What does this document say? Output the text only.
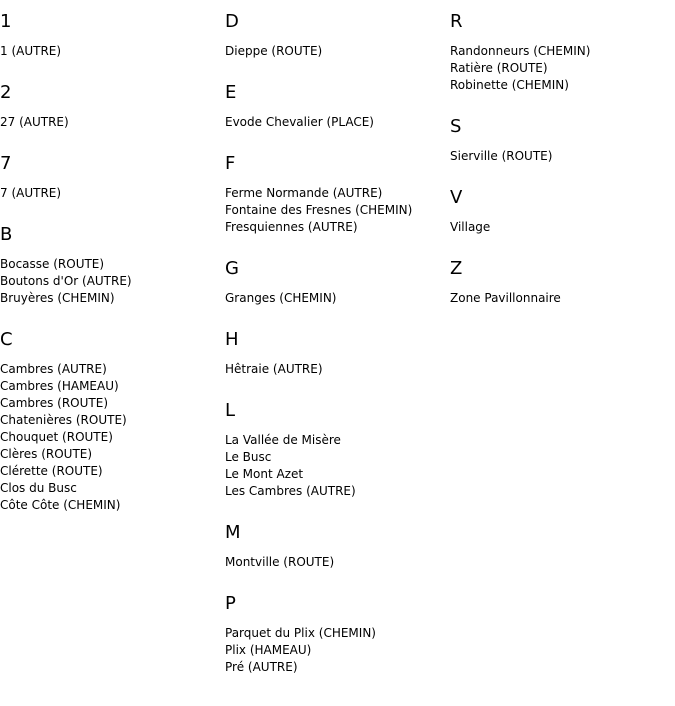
1
1 (AUTRE)
2
27 (AUTRE)
7
7 (AUTRE)
B
Bocasse (ROUTE)
Boutons d'Or (AUTRE)
Bruyères (CHEMIN)
C
Cambres (AUTRE)
Cambres (HAMEAU)
Cambres (ROUTE)
Chatenières (ROUTE)
Chouquet (ROUTE)
Clères (ROUTE)
Clérette (ROUTE)
Clos du Busc
Côte Côte (CHEMIN)
D
Dieppe (ROUTE)
E
Evode Chevalier (PLACE)
F
Ferme Normande (AUTRE)
Fontaine des Fresnes (CHEMIN)
Fresquiennes (AUTRE)
G
Granges (CHEMIN)
H
Hêtraie (AUTRE)
L
La Vallée de Misère
Le Busc
Le Mont Azet
Les Cambres (AUTRE)
M
Montville (ROUTE)
P
Parquet du Plix (CHEMIN)
Plix (HAMEAU)
Pré (AUTRE)
R
Randonneurs (CHEMIN)
Ratière (ROUTE)
Robinette (CHEMIN)
S
Sierville (ROUTE)
V
Village
Z
Zone Pavillonnaire
